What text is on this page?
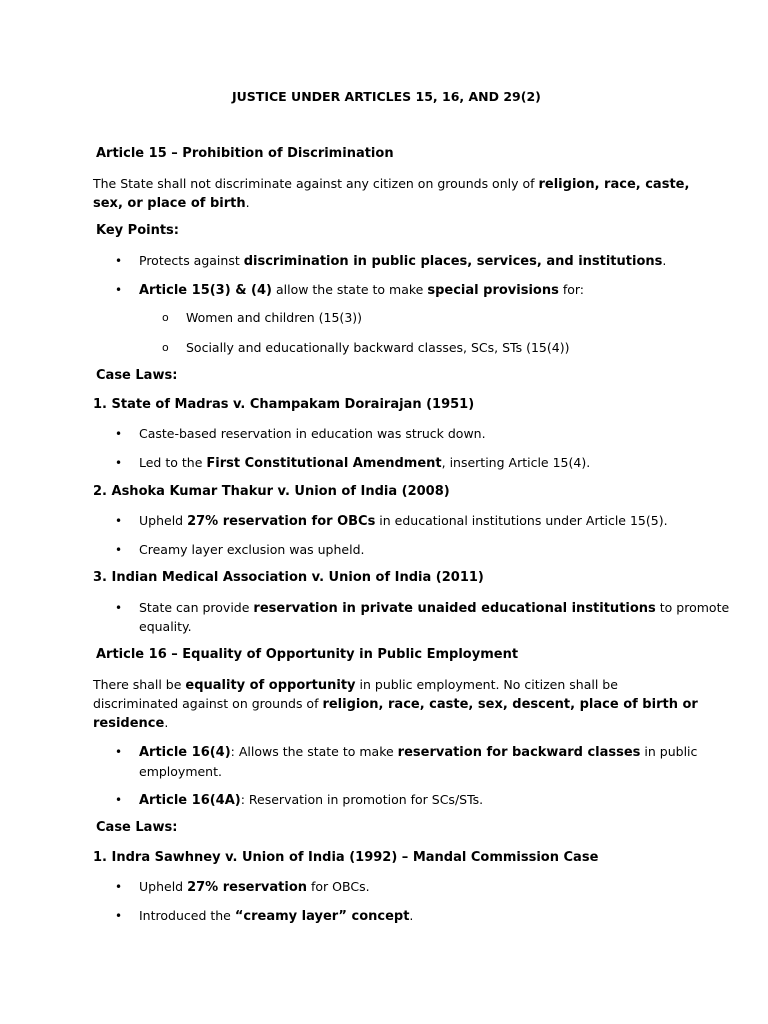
JUSTICE UNDER ARTICLES 15, 16, AND 29(2)
Article 15 – Prohibition of Discrimination
The State shall not discriminate against any citizen on grounds only of religion, race, caste,
sex, or place of birth.
Key Points:
• Protects against discrimination in public places, services, and institutions.
• Article 15(3) & (4) allow the state to make special provisions for:
o Women and children (15(3))
o Socially and educationally backward classes, SCs, STs (15(4))
Case Laws:
1. State of Madras v. Champakam Dorairajan (1951)
• Caste-based reservation in education was struck down.
• Led to the First Constitutional Amendment, inserting Article 15(4).
2. Ashoka Kumar Thakur v. Union of India (2008)
• Upheld 27% reservation for OBCs in educational institutions under Article 15(5).
• Creamy layer exclusion was upheld.
3. Indian Medical Association v. Union of India (2011)
• State can provide reservation in private unaided educational institutions to promote
equality.
Article 16 – Equality of Opportunity in Public Employment
There shall be equality of opportunity in public employment. No citizen shall be
discriminated against on grounds of religion, race, caste, sex, descent, place of birth or
residence.
• Article 16(4): Allows the state to make reservation for backward classes in public
employment.
• Article 16(4A): Reservation in promotion for SCs/STs.
Case Laws:
1. Indra Sawhney v. Union of India (1992) – Mandal Commission Case
• Upheld 27% reservation for OBCs.
• Introduced the “creamy layer” concept.
